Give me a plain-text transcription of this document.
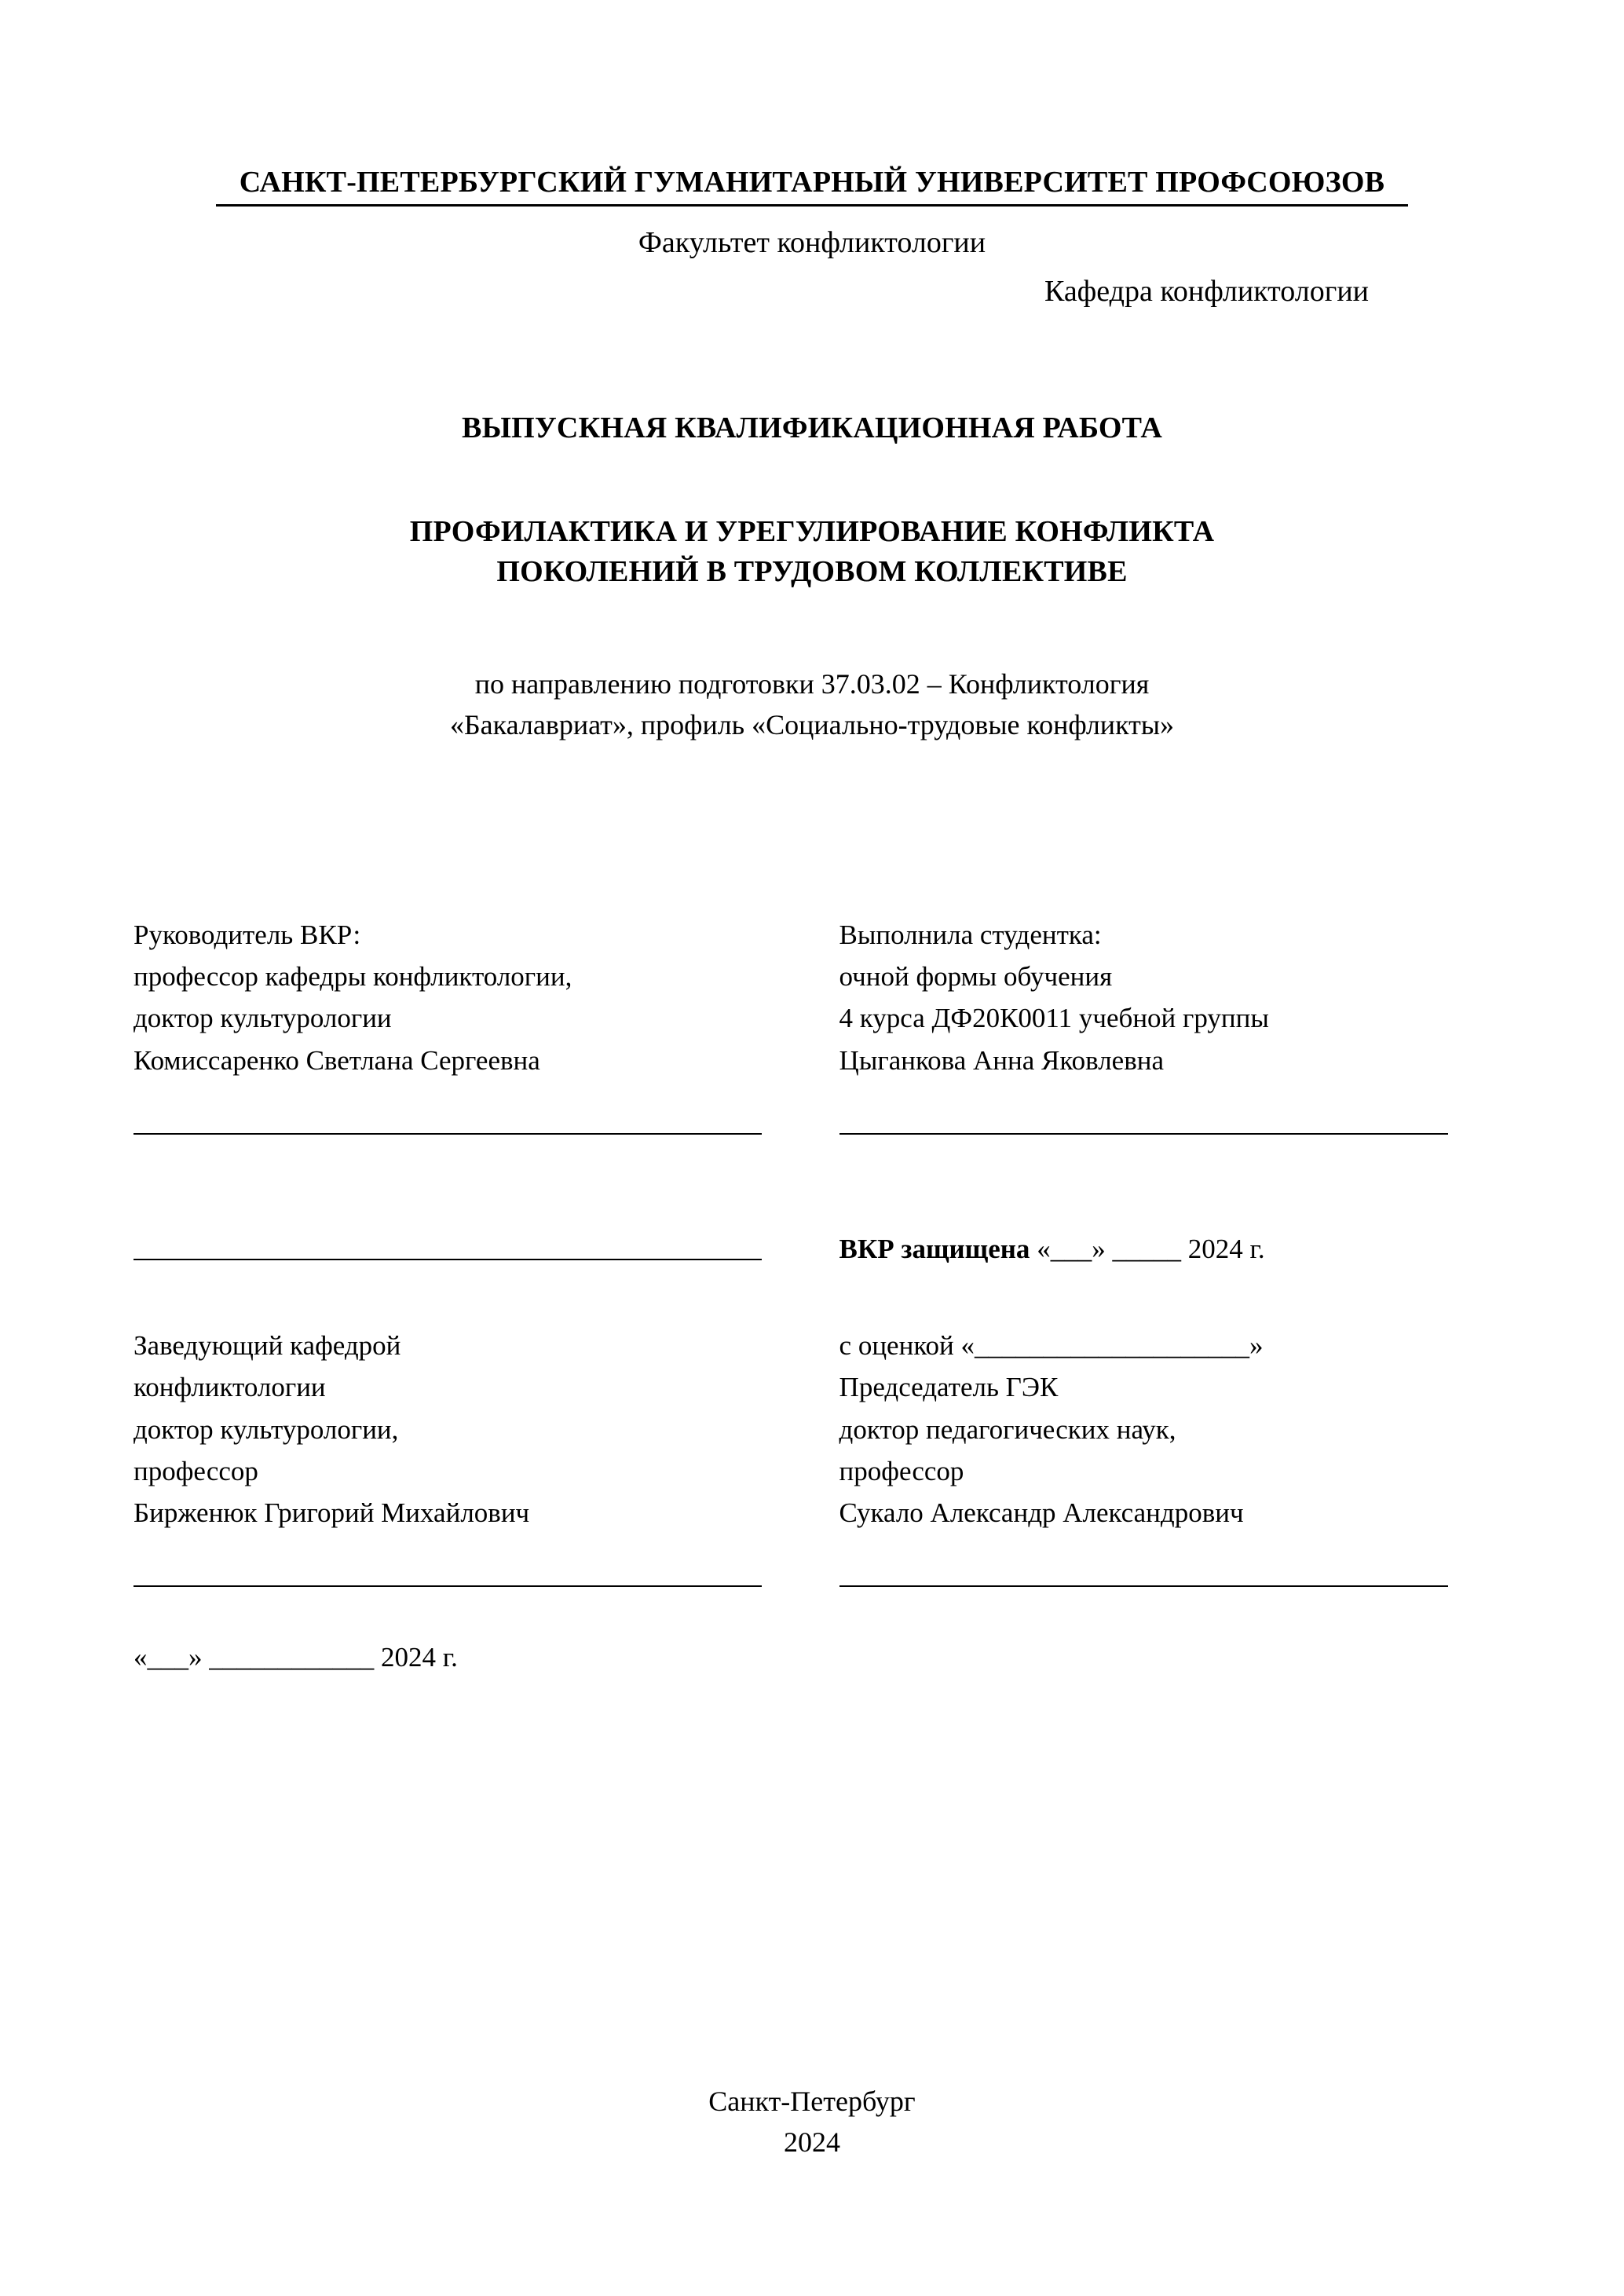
САНКТ-ПЕТЕРБУРГСКИЙ ГУМАНИТАРНЫЙ УНИВЕРСИТЕТ ПРОФСОЮЗОВ
Факультет конфликтологии
Кафедра конфликтологии
ВЫПУСКНАЯ КВАЛИФИКАЦИОННАЯ РАБОТА
ПРОФИЛАКТИКА И УРЕГУЛИРОВАНИЕ КОНФЛИКТА
ПОКОЛЕНИЙ В ТРУДОВОМ КОЛЛЕКТИВЕ
по направлению подготовки 37.03.02 – Конфликтология
«Бакалавриат», профиль «Социально-трудовые конфликты»
Руководитель ВКР:
профессор кафедры конфликтологии,
доктор культурологии
Комиссаренко Светлана Сергеевна
Выполнила студентка:
очной формы обучения
4 курса ДФ20К0011 учебной группы
Цыганкова Анна Яковлевна
ВКР защищена «___» _____ 2024 г.
Заведующий кафедрой
конфликтологии
доктор культурологии,
профессор
Бирженюк Григорий Михайлович
с оценкой «____________________»
Председатель ГЭК
доктор педагогических наук,
профессор
Сукало Александр Александрович
«___» ____________ 2024 г.
Санкт-Петербург
2024
